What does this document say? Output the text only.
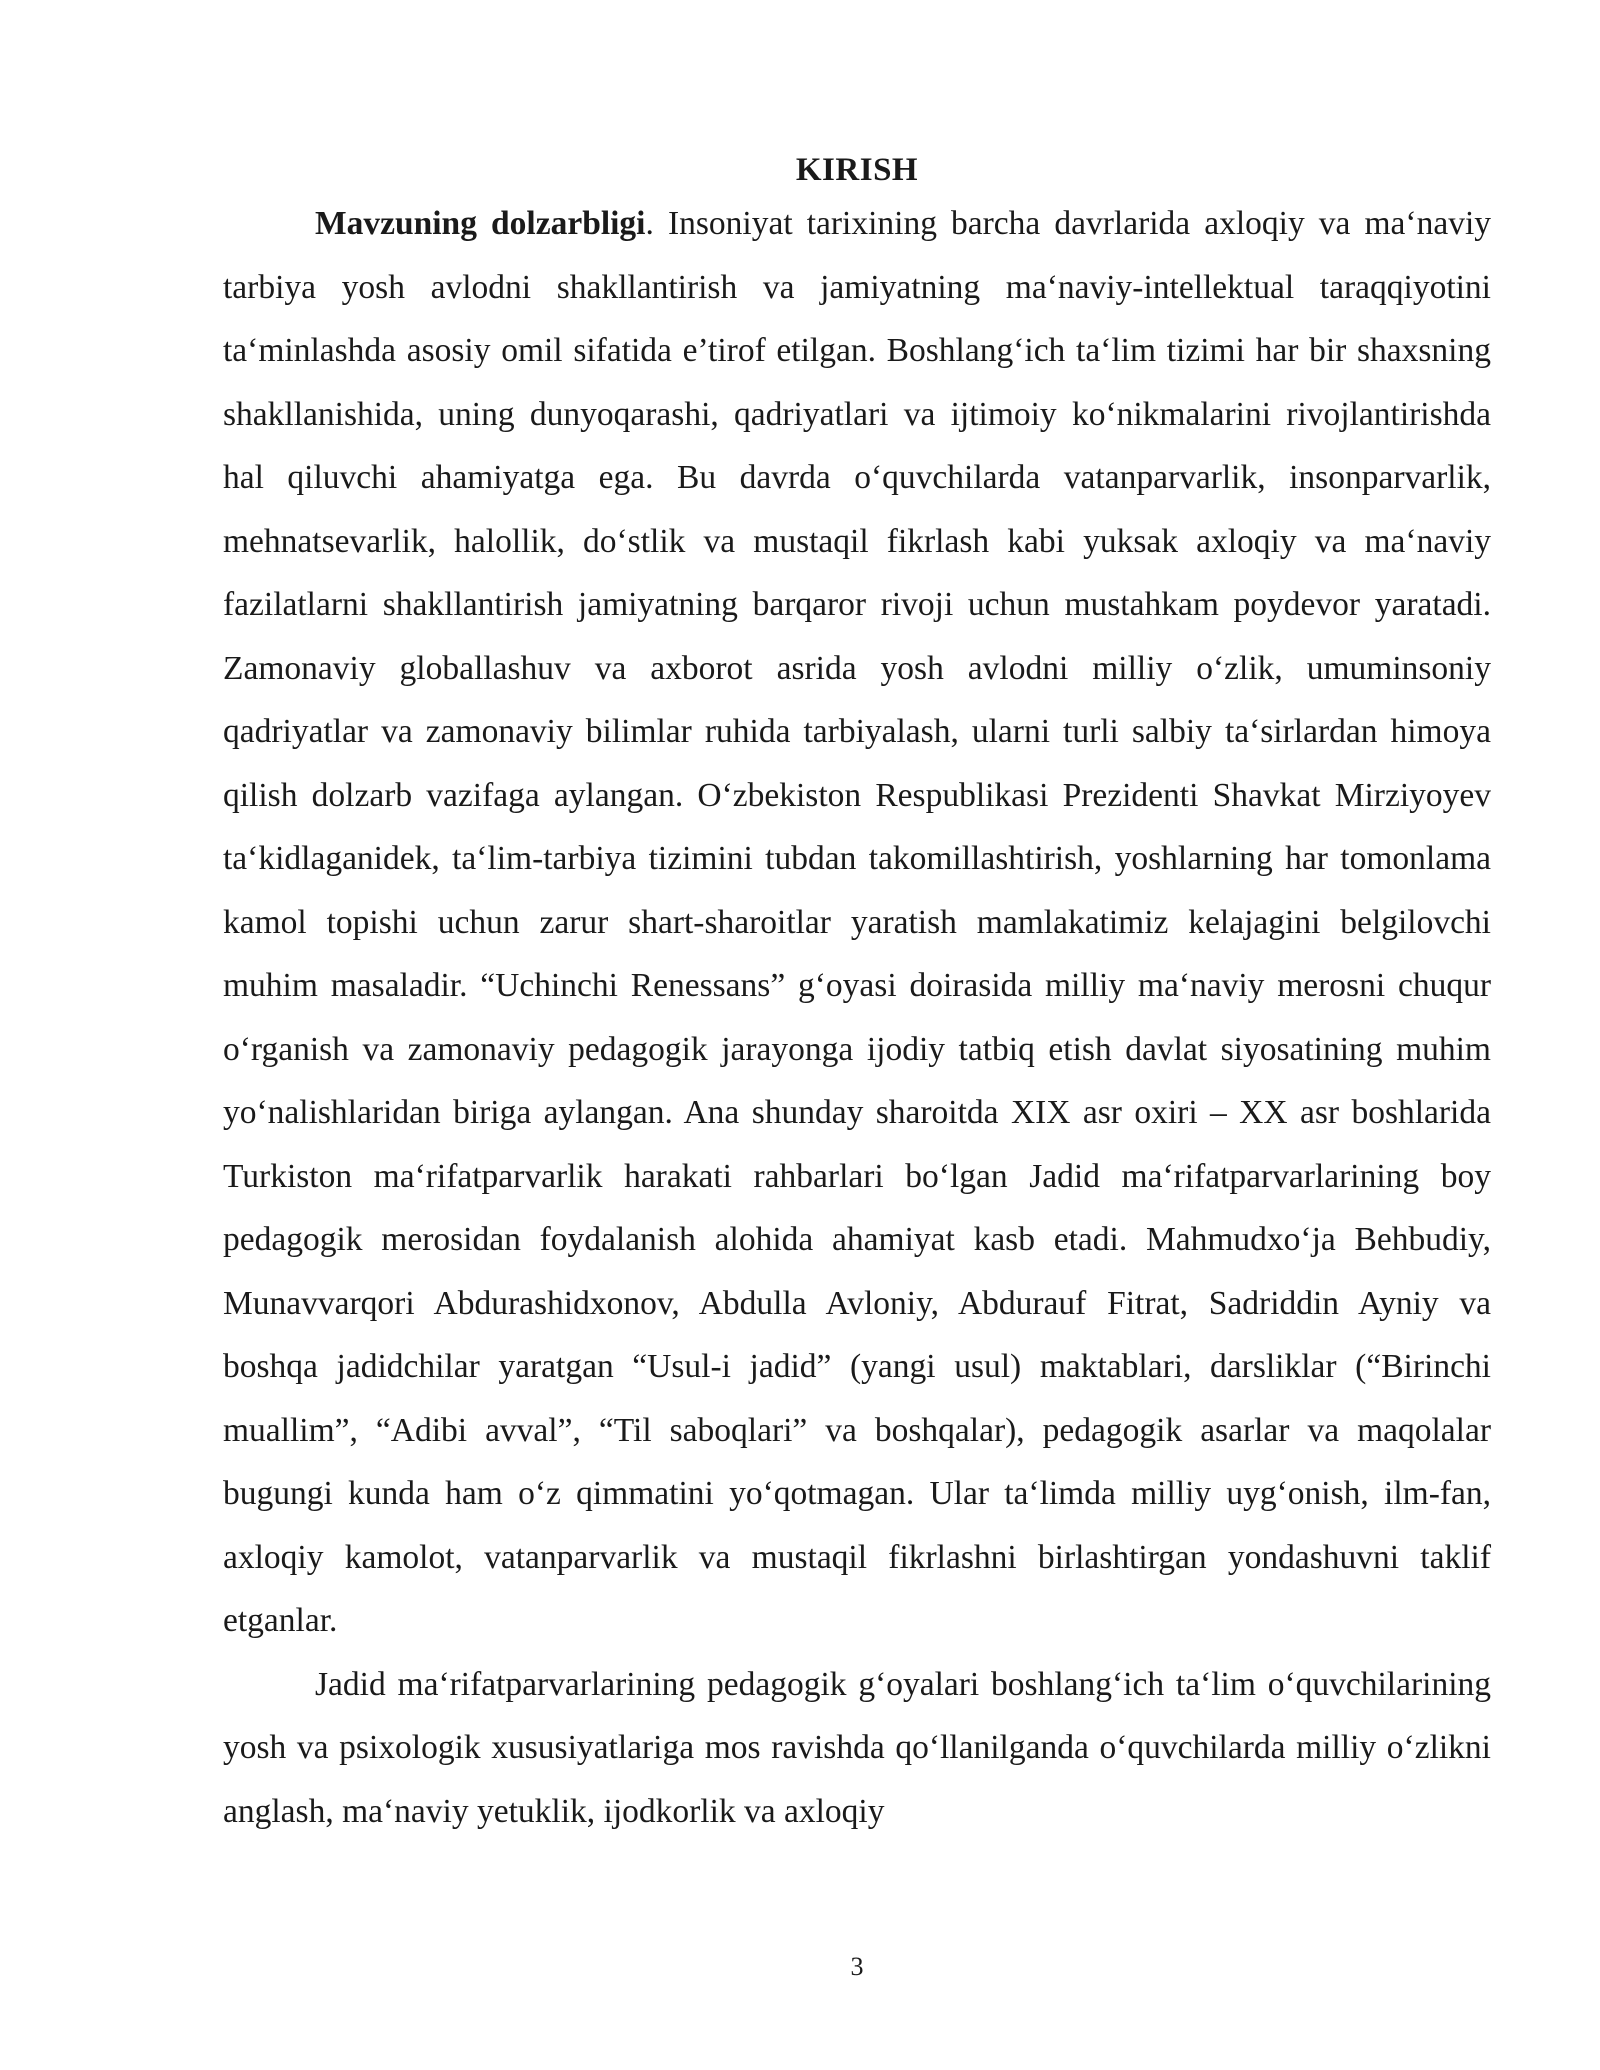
KIRISH

Mavzuning dolzarbligi. Insoniyat tarixining barcha davrlarida axloqiy va ma‘naviy tarbiya yosh avlodni shakllantirish va jamiyatning ma‘naviy-intellektual taraqqiyotini ta‘minlashda asosiy omil sifatida e’tirof etilgan. Boshlang‘ich ta‘lim tizimi har bir shaxsning shakllanishida, uning dunyoqarashi, qadriyatlari va ijtimoiy ko‘nikmalarini rivojlantirishda hal qiluvchi ahamiyatga ega. Bu davrda o‘quvchilarda vatanparvarlik, insonparvarlik, mehnatsevarlik, halollik, do‘stlik va mustaqil fikrlash kabi yuksak axloqiy va ma‘naviy fazilatlarni shakllantirish jamiyatning barqaror rivoji uchun mustahkam poydevor yaratadi. Zamonaviy globallashuv va axborot asrida yosh avlodni milliy o‘zlik, umuminsoniy qadriyatlar va zamonaviy bilimlar ruhida tarbiyalash, ularni turli salbiy ta‘sirlardan himoya qilish dolzarb vazifaga aylangan. O‘zbekiston Respublikasi Prezidenti Shavkat Mirziyoyev ta‘kidlaganidek, ta‘lim-tarbiya tizimini tubdan takomillashtirish, yoshlarning har tomonlama kamol topishi uchun zarur shart-sharoitlar yaratish mamlakatimiz kelajagini belgilovchi muhim masaladir. “Uchinchi Renessans” g‘oyasi doirasida milliy ma‘naviy merosni chuqur o‘rganish va zamonaviy pedagogik jarayonga ijodiy tatbiq etish davlat siyosatining muhim yo‘nalishlaridan biriga aylangan. Ana shunday sharoitda XIX asr oxiri – XX asr boshlarida Turkiston ma‘rifatparvarlik harakati rahbarlari bo‘lgan Jadid ma‘rifatparvarlarining boy pedagogik merosidan foydalanish alohida ahamiyat kasb etadi. Mahmudxo‘ja Behbudiy, Munavvarqori Abdurashidxonov, Abdulla Avloniy, Abdurauf Fitrat, Sadriddin Ayniy va boshqa jadidchilar yaratgan “Usul-i jadid” (yangi usul) maktablari, darsliklar (“Birinchi muallim”, “Adibi avval”, “Til saboqlari” va boshqalar), pedagogik asarlar va maqolalar bugungi kunda ham o‘z qimmatini yo‘qotmagan. Ular ta‘limda milliy uyg‘onish, ilm-fan, axloqiy kamolot, vatanparvarlik va mustaqil fikrlashni birlashtirgan yondashuvni taklif etganlar.

Jadid ma‘rifatparvarlarining pedagogik g‘oyalari boshlang‘ich ta‘lim o‘quvchilarining yosh va psixologik xususiyatlariga mos ravishda qo‘llanilganda o‘quvchilarda milliy o‘zlikni anglash, ma‘naviy yetuklik, ijodkorlik va axloqiy

3
